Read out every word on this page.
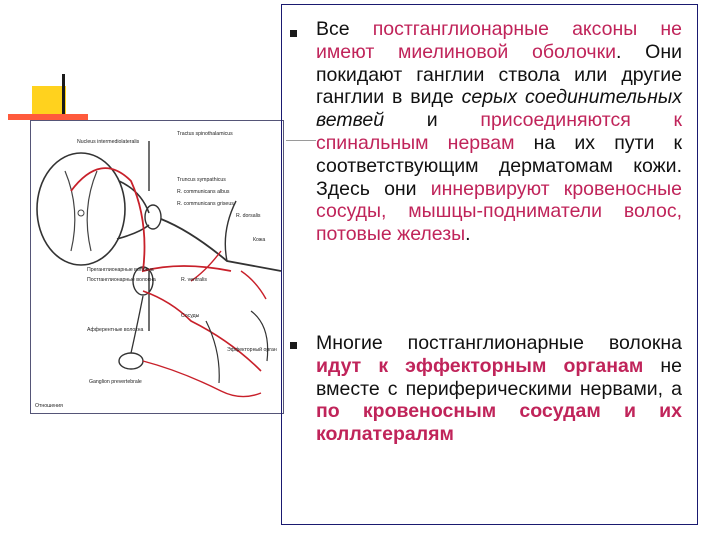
Nucleus intermediolateralis
Tractus spinothalamicus
Truncus sympathicus
R. communicans albus
R. communicans griseus
Преганглионарные волокна
Постганглионарные волокна
Афферентные волокна
Ganglion prevertebrale
R. ventralis
R. dorsalis
Эффекторный орган
Кожа
Сосуды
Отношения

Все постганглионарные аксоны не имеют миелиновой оболочки. Они покидают ганглии ствола или другие ганглии в виде серых соединительных ветвей и присоединяются к спинальным нервам на их пути к соответствующим дерматомам кожи. Здесь они иннервируют кровеносные сосуды, мышцы-подниматели волос, потовые железы.

Многие постганглионарные волокна идут к эффекторным органам не вместе с периферическими нервами, а по кровеносным сосудам и их коллатералям
